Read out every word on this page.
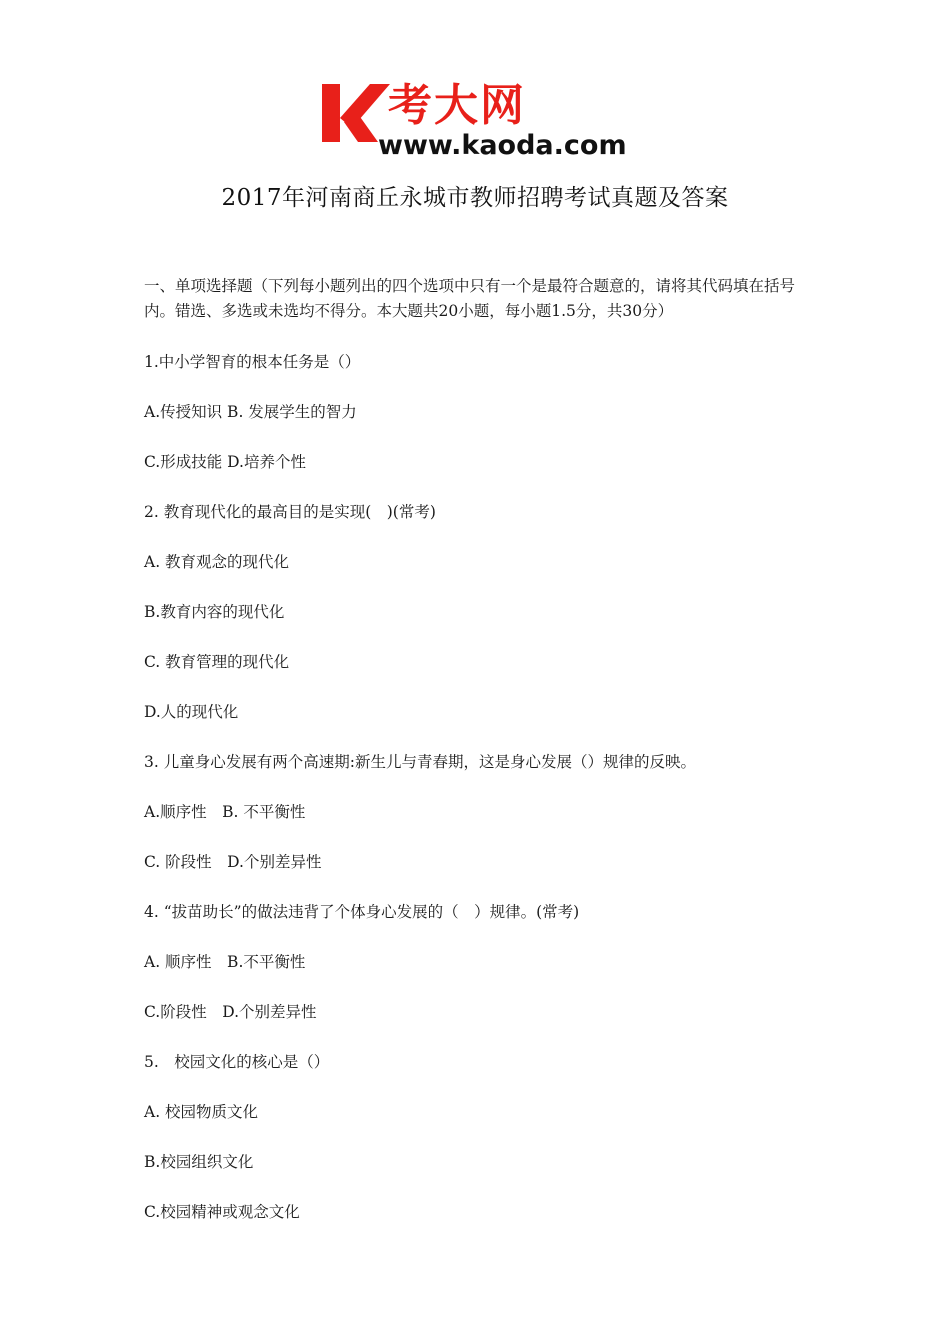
考大网
www.kaoda.com
2017年河南商丘永城市教师招聘考试真题及答案

一、单项选择题（下列每小题列出的四个选项中只有一个是最符合题意的，请将其代码填在括号内。错选、多选或未选均不得分。本大题共20小题，每小题1.5分，共30分）

1.中小学智育的根本任务是（）

A.传授知识 B. 发展学生的智力

C.形成技能 D.培养个性

2. 教育现代化的最高目的是实现(　)(常考)

A. 教育观念的现代化

B.教育内容的现代化

C. 教育管理的现代化

D.人的现代化

3. 儿童身心发展有两个高速期:新生儿与青春期，这是身心发展（）规律的反映。

A.顺序性　B. 不平衡性

C. 阶段性　D.个别差异性

4. “拔苗助长”的做法违背了个体身心发展的（　）规律。(常考)

A. 顺序性　B.不平衡性

C.阶段性　D.个别差异性

5.　校园文化的核心是（）

A. 校园物质文化

B.校园组织文化

C.校园精神或观念文化
